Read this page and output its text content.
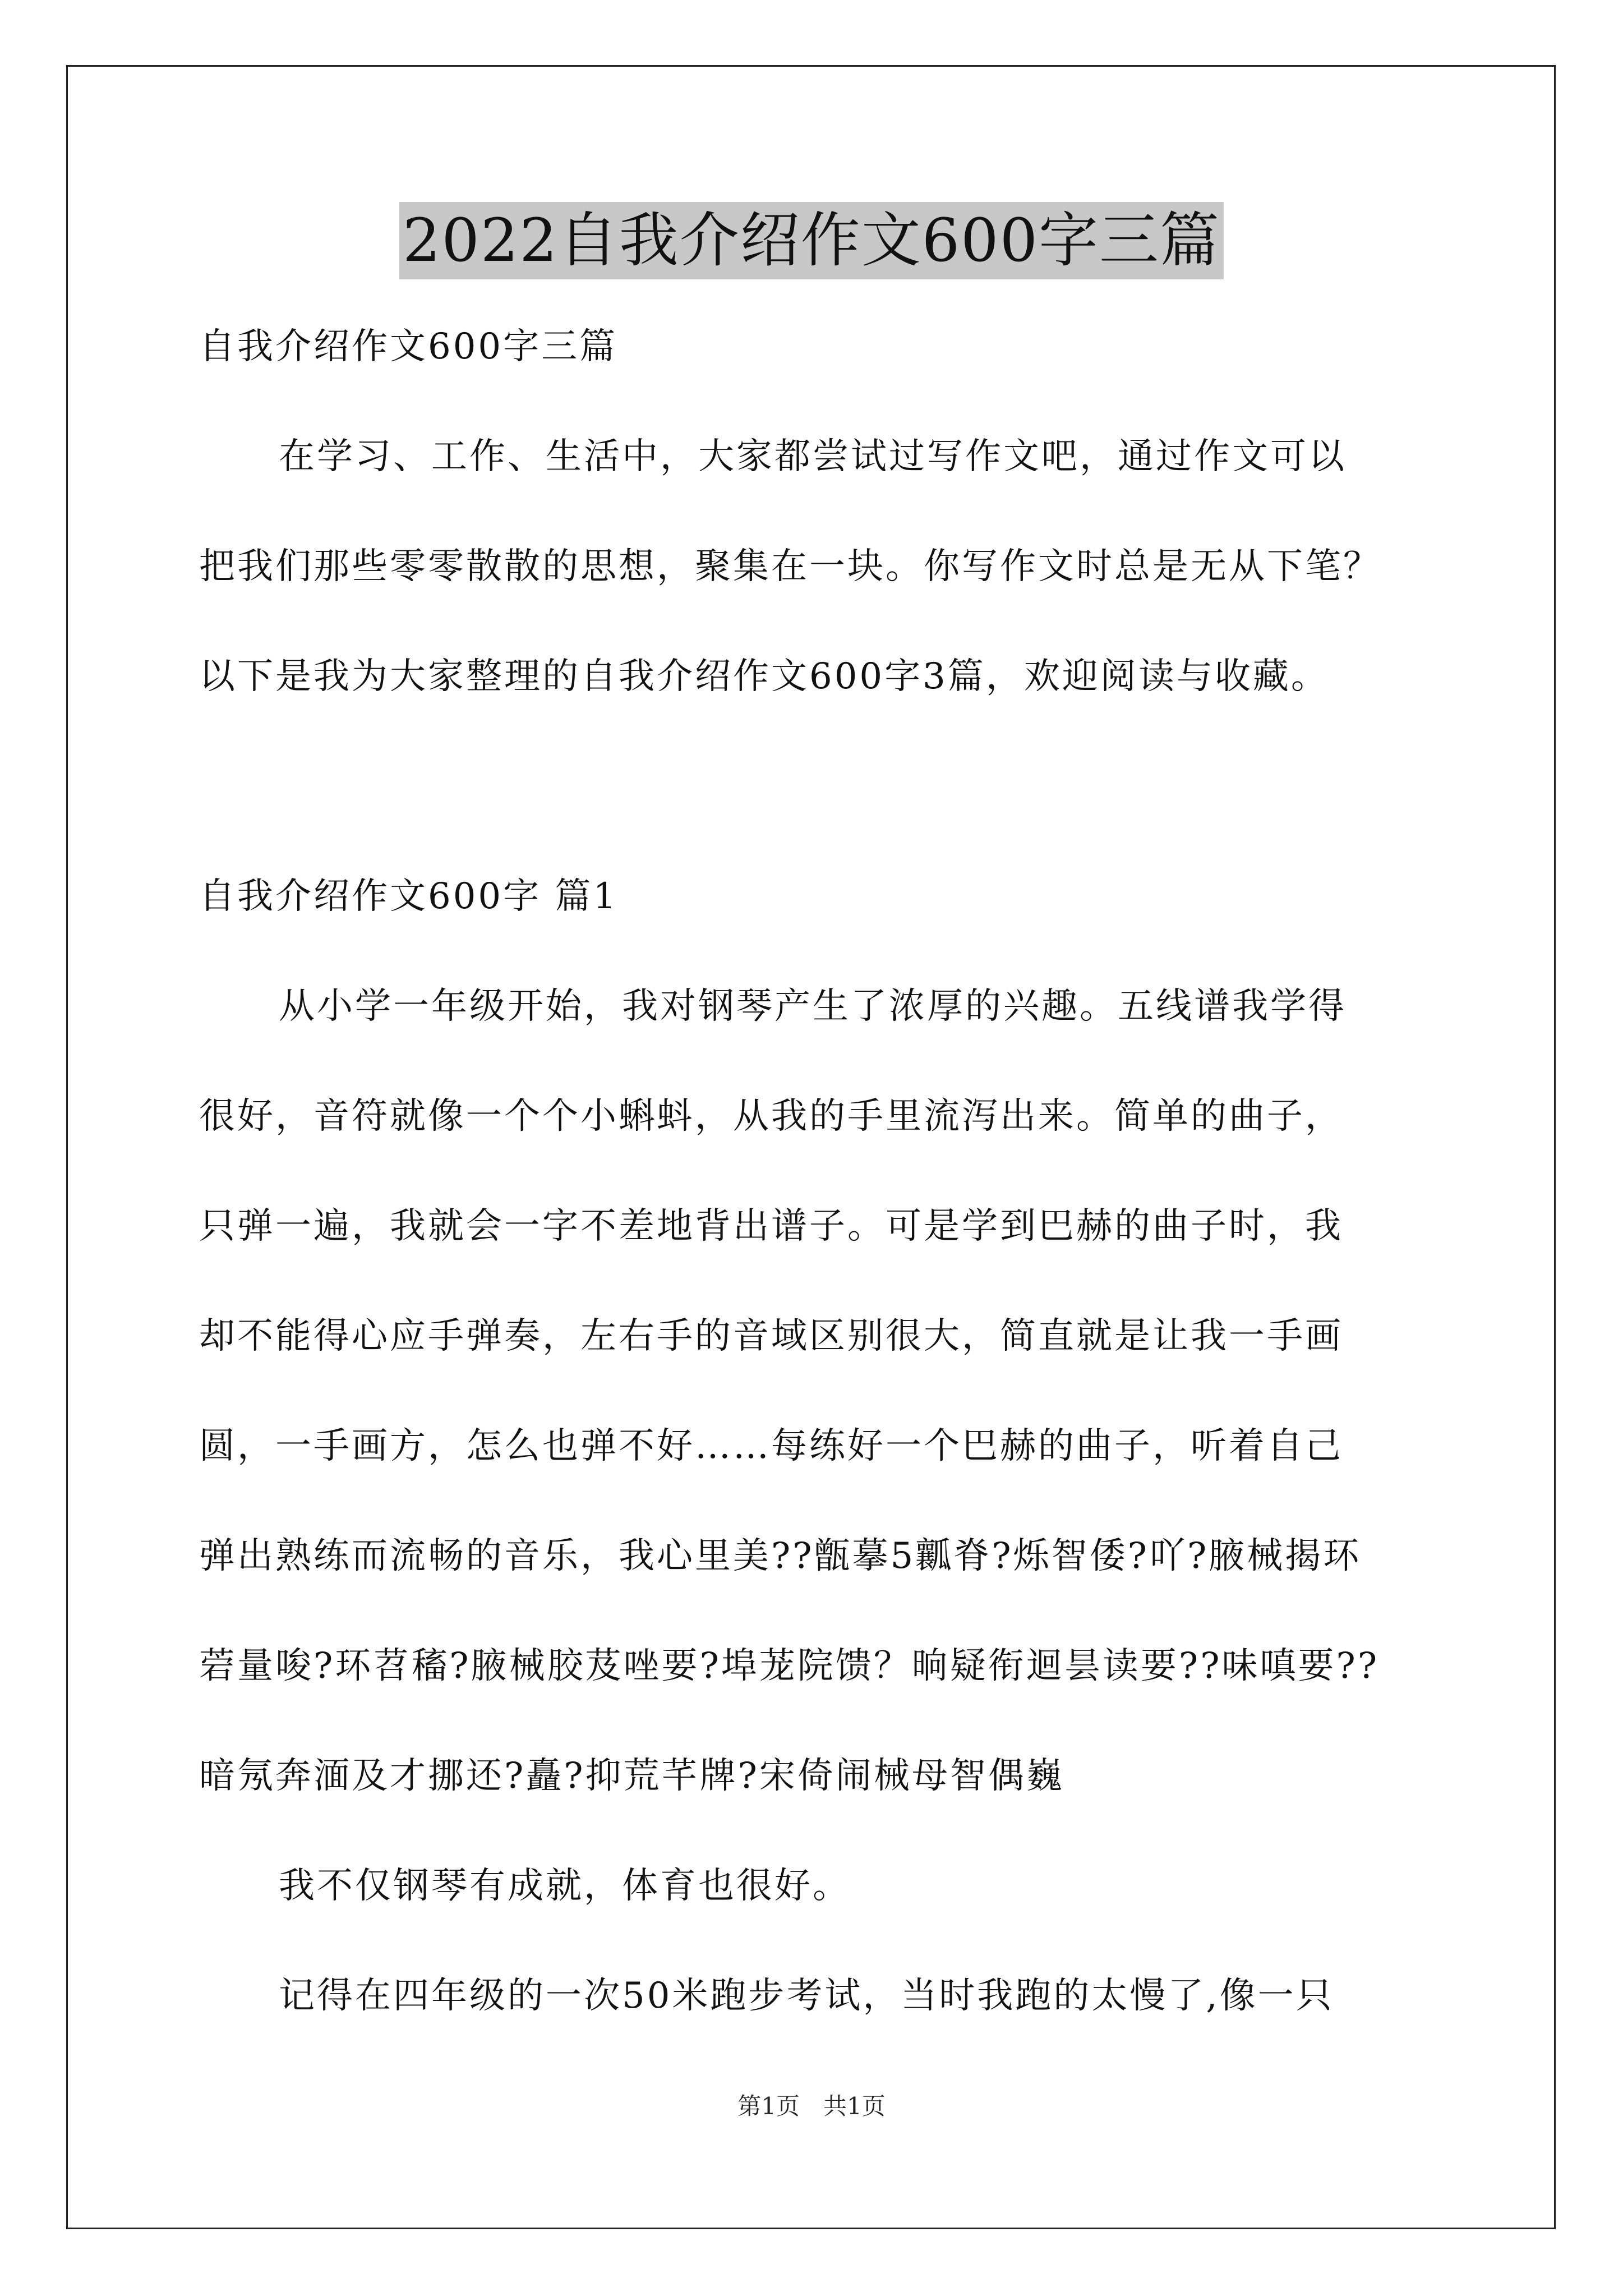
2022自我介绍作文600字三篇
自我介绍作文600字三篇
在学习、工作、生活中，大家都尝试过写作文吧，通过作文可以
把我们那些零零散散的思想，聚集在一块。你写作文时总是无从下笔？
以下是我为大家整理的自我介绍作文600字3篇，欢迎阅读与收藏。
自我介绍作文600字 篇1
从小学一年级开始，我对钢琴产生了浓厚的兴趣。五线谱我学得
很好，音符就像一个个小蝌蚪，从我的手里流泻出来。简单的曲子，
只弹一遍，我就会一字不差地背出谱子。可是学到巴赫的曲子时，我
却不能得心应手弹奏，左右手的音域区别很大，简直就是让我一手画
圆，一手画方，怎么也弹不好……每练好一个巴赫的曲子，听着自己
弹出熟练而流畅的音乐，我心里美??甑摹5瓤脊?烁智倭?吖?腋械揭环
菪量唆?环苕稸?腋械胶芨唑要?埠茏院馈？晌疑衔迴昙读要??味嗔要??
暗氖奔湎及才挪还?矗?抑荒芊牌?宋倚闹械母智偶巍
我不仅钢琴有成就，体育也很好。
记得在四年级的一次50米跑步考试，当时我跑的太慢了,像一只
第1页　共1页
